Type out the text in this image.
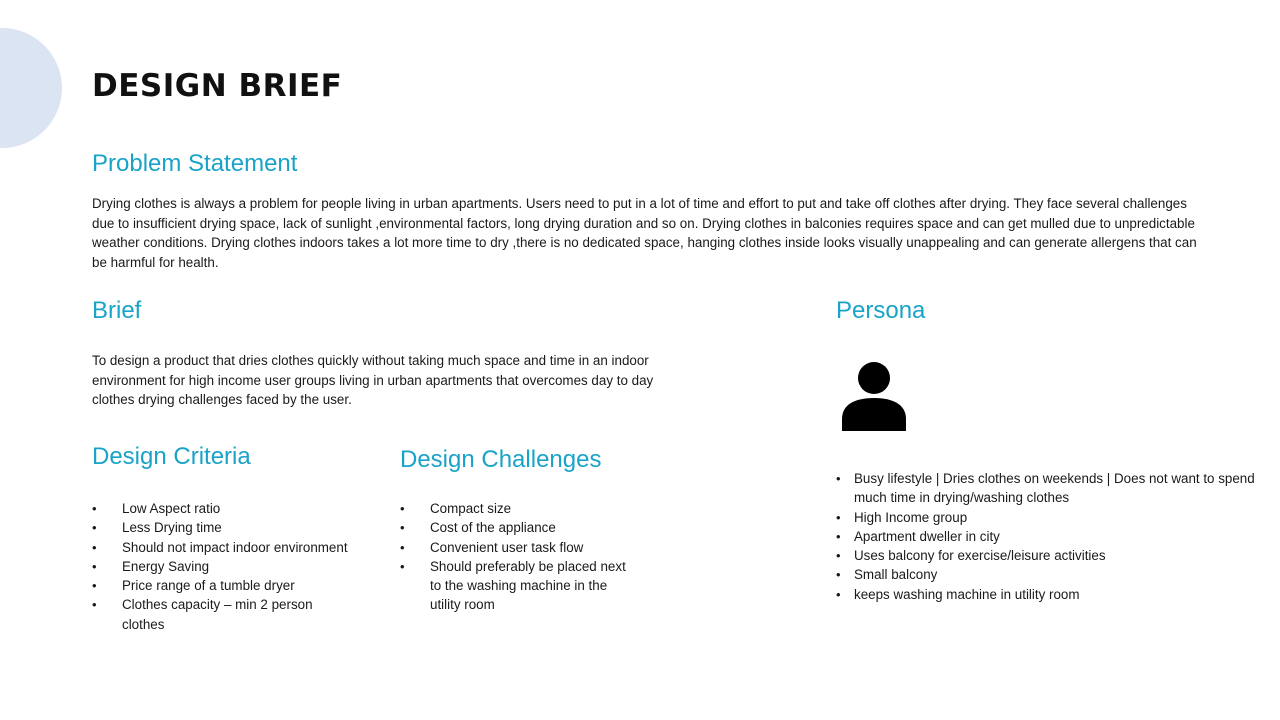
DESIGN BRIEF
Problem Statement

Drying clothes is always a problem for people living in urban apartments. Users need to put in a lot of time and effort to put and take off clothes after drying. They face several challenges due to insufficient drying space, lack of sunlight ,environmental factors, long drying duration and so on. Drying clothes in balconies requires space and can get mulled due to unpredictable weather conditions. Drying clothes indoors takes a lot more time to dry ,there is no dedicated space, hanging clothes inside looks visually unappealing and can generate allergens that can be harmful for health.

Brief

To design a product that dries clothes quickly without taking much space and time in an indoor environment for high income user groups living in urban apartments that overcomes day to day clothes drying challenges faced by the user.

Design Criteria
• Low Aspect ratio
• Less Drying time
• Should not impact indoor environment
• Energy Saving
• Price range of a tumble dryer
• Clothes capacity – min 2 person clothes
Design Challenges
• Compact size
• Cost of the appliance
• Convenient user task flow
• Should preferably be placed next to the washing machine in the utility room
Persona
• Busy lifestyle | Dries clothes on weekends | Does not want to spend much time in drying/washing clothes
• High Income group
• Apartment dweller in city
• Uses balcony for exercise/leisure activities
• Small balcony
• keeps washing machine in utility room
